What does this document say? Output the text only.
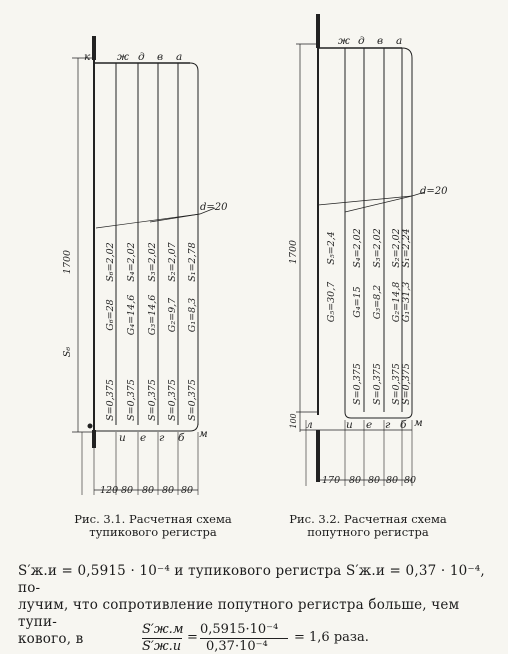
к	ж д в а
и е г б м
d=20
ж д в а
л	и е г б м
d=20
1700
S₆
S₆=2,02 S₄=2,02 S₃=2,02 S₂=2,07 S₁=2,78
G₆=28 G₄=14,6 G₃=14,6 G₂=9,7 G₁=8,3
S=0,375 S=0,375 S=0,375 S=0,375 S=0,375
1700
100
S₅=2,4 S₄=2,02 S₃=2,02 S₂=2,02 S₁=2,24
G₅=30,7 G₄=15 G₃=8,2 G₂=14,8 G₁=31,3
S=0,375 S=0,375 S=0,375 S=0,375
120 80 80 80 80
170 80 80 80 80
Рис. 3.1. Расчетная схема
тупикового регистра
Рис. 3.2. Расчетная схема
попутного регистра
S′ж.и = 0,5915 · 10⁻⁴ и тупикового регистра S′ж.и = 0,37 · 10⁻⁴, по-
лучим, что сопротивление попутного регистра больше, чем тупи-
кового, в
S′ж.м
S′ж.и
=
0,5915·10⁻⁴
0,37·10⁻⁴
= 1,6 раза.
